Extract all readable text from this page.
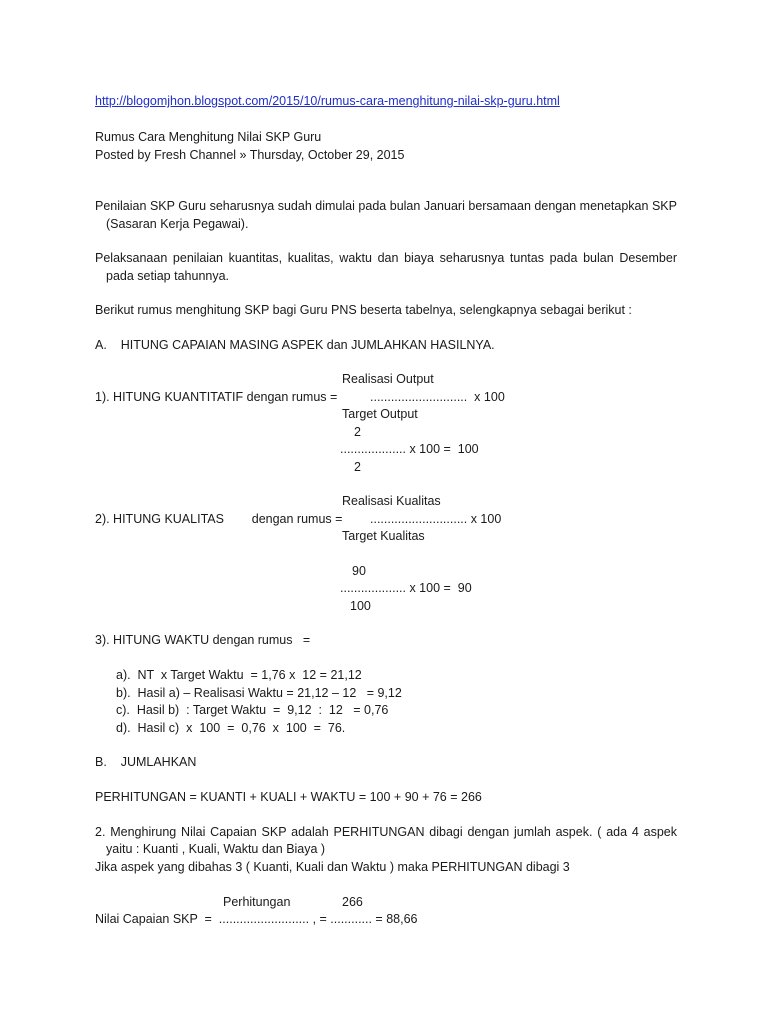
http://blogomjhon.blogspot.com/2015/10/rumus-cara-menghitung-nilai-skp-guru.html
Rumus Cara Menghitung Nilai SKP Guru
Posted by Fresh Channel » Thursday, October 29, 2015
Penilaian SKP Guru seharusnya sudah dimulai pada bulan Januari bersamaan dengan menetapkan SKP
(Sasaran Kerja Pegawai).
Pelaksanaan penilaian kuantitas, kualitas, waktu dan biaya seharusnya tuntas pada bulan Desember
pada setiap tahunnya.
Berikut rumus menghitung SKP bagi Guru PNS beserta tabelnya, selengkapnya sebagai berikut :
A.    HITUNG CAPAIAN MASING ASPEK dan JUMLAHKAN HASILNYA.
Realisasi Output
1). HITUNG KUANTITATIF dengan rumus =	............................  x 100
Target Output
2
................... x 100 =  100
2
Realisasi Kualitas
2). HITUNG KUALITAS        dengan rumus = ............................ x 100
Target Kualitas
90
................... x 100 =  90
100
3). HITUNG WAKTU dengan rumus   =
a).  NT  x Target Waktu  = 1,76 x  12 = 21,12
b).  Hasil a) – Realisasi Waktu = 21,12 – 12   = 9,12
c).  Hasil b)  : Target Waktu  =  9,12  :  12   = 0,76
d).  Hasil c)  x  100  =  0,76  x  100  =  76.
B.    JUMLAHKAN
PERHITUNGAN = KUANTI + KUALI + WAKTU = 100 + 90 + 76 = 266
2. Menghirung Nilai Capaian SKP adalah PERHITUNGAN dibagi dengan jumlah aspek. ( ada 4 aspek
yaitu : Kuanti , Kuali, Waktu dan Biaya )
Jika aspek yang dibahas 3 ( Kuanti, Kuali dan Waktu ) maka PERHITUNGAN dibagi 3
Perhitungan	266
Nilai Capaian SKP  =  .......................... , = ............ = 88,66
